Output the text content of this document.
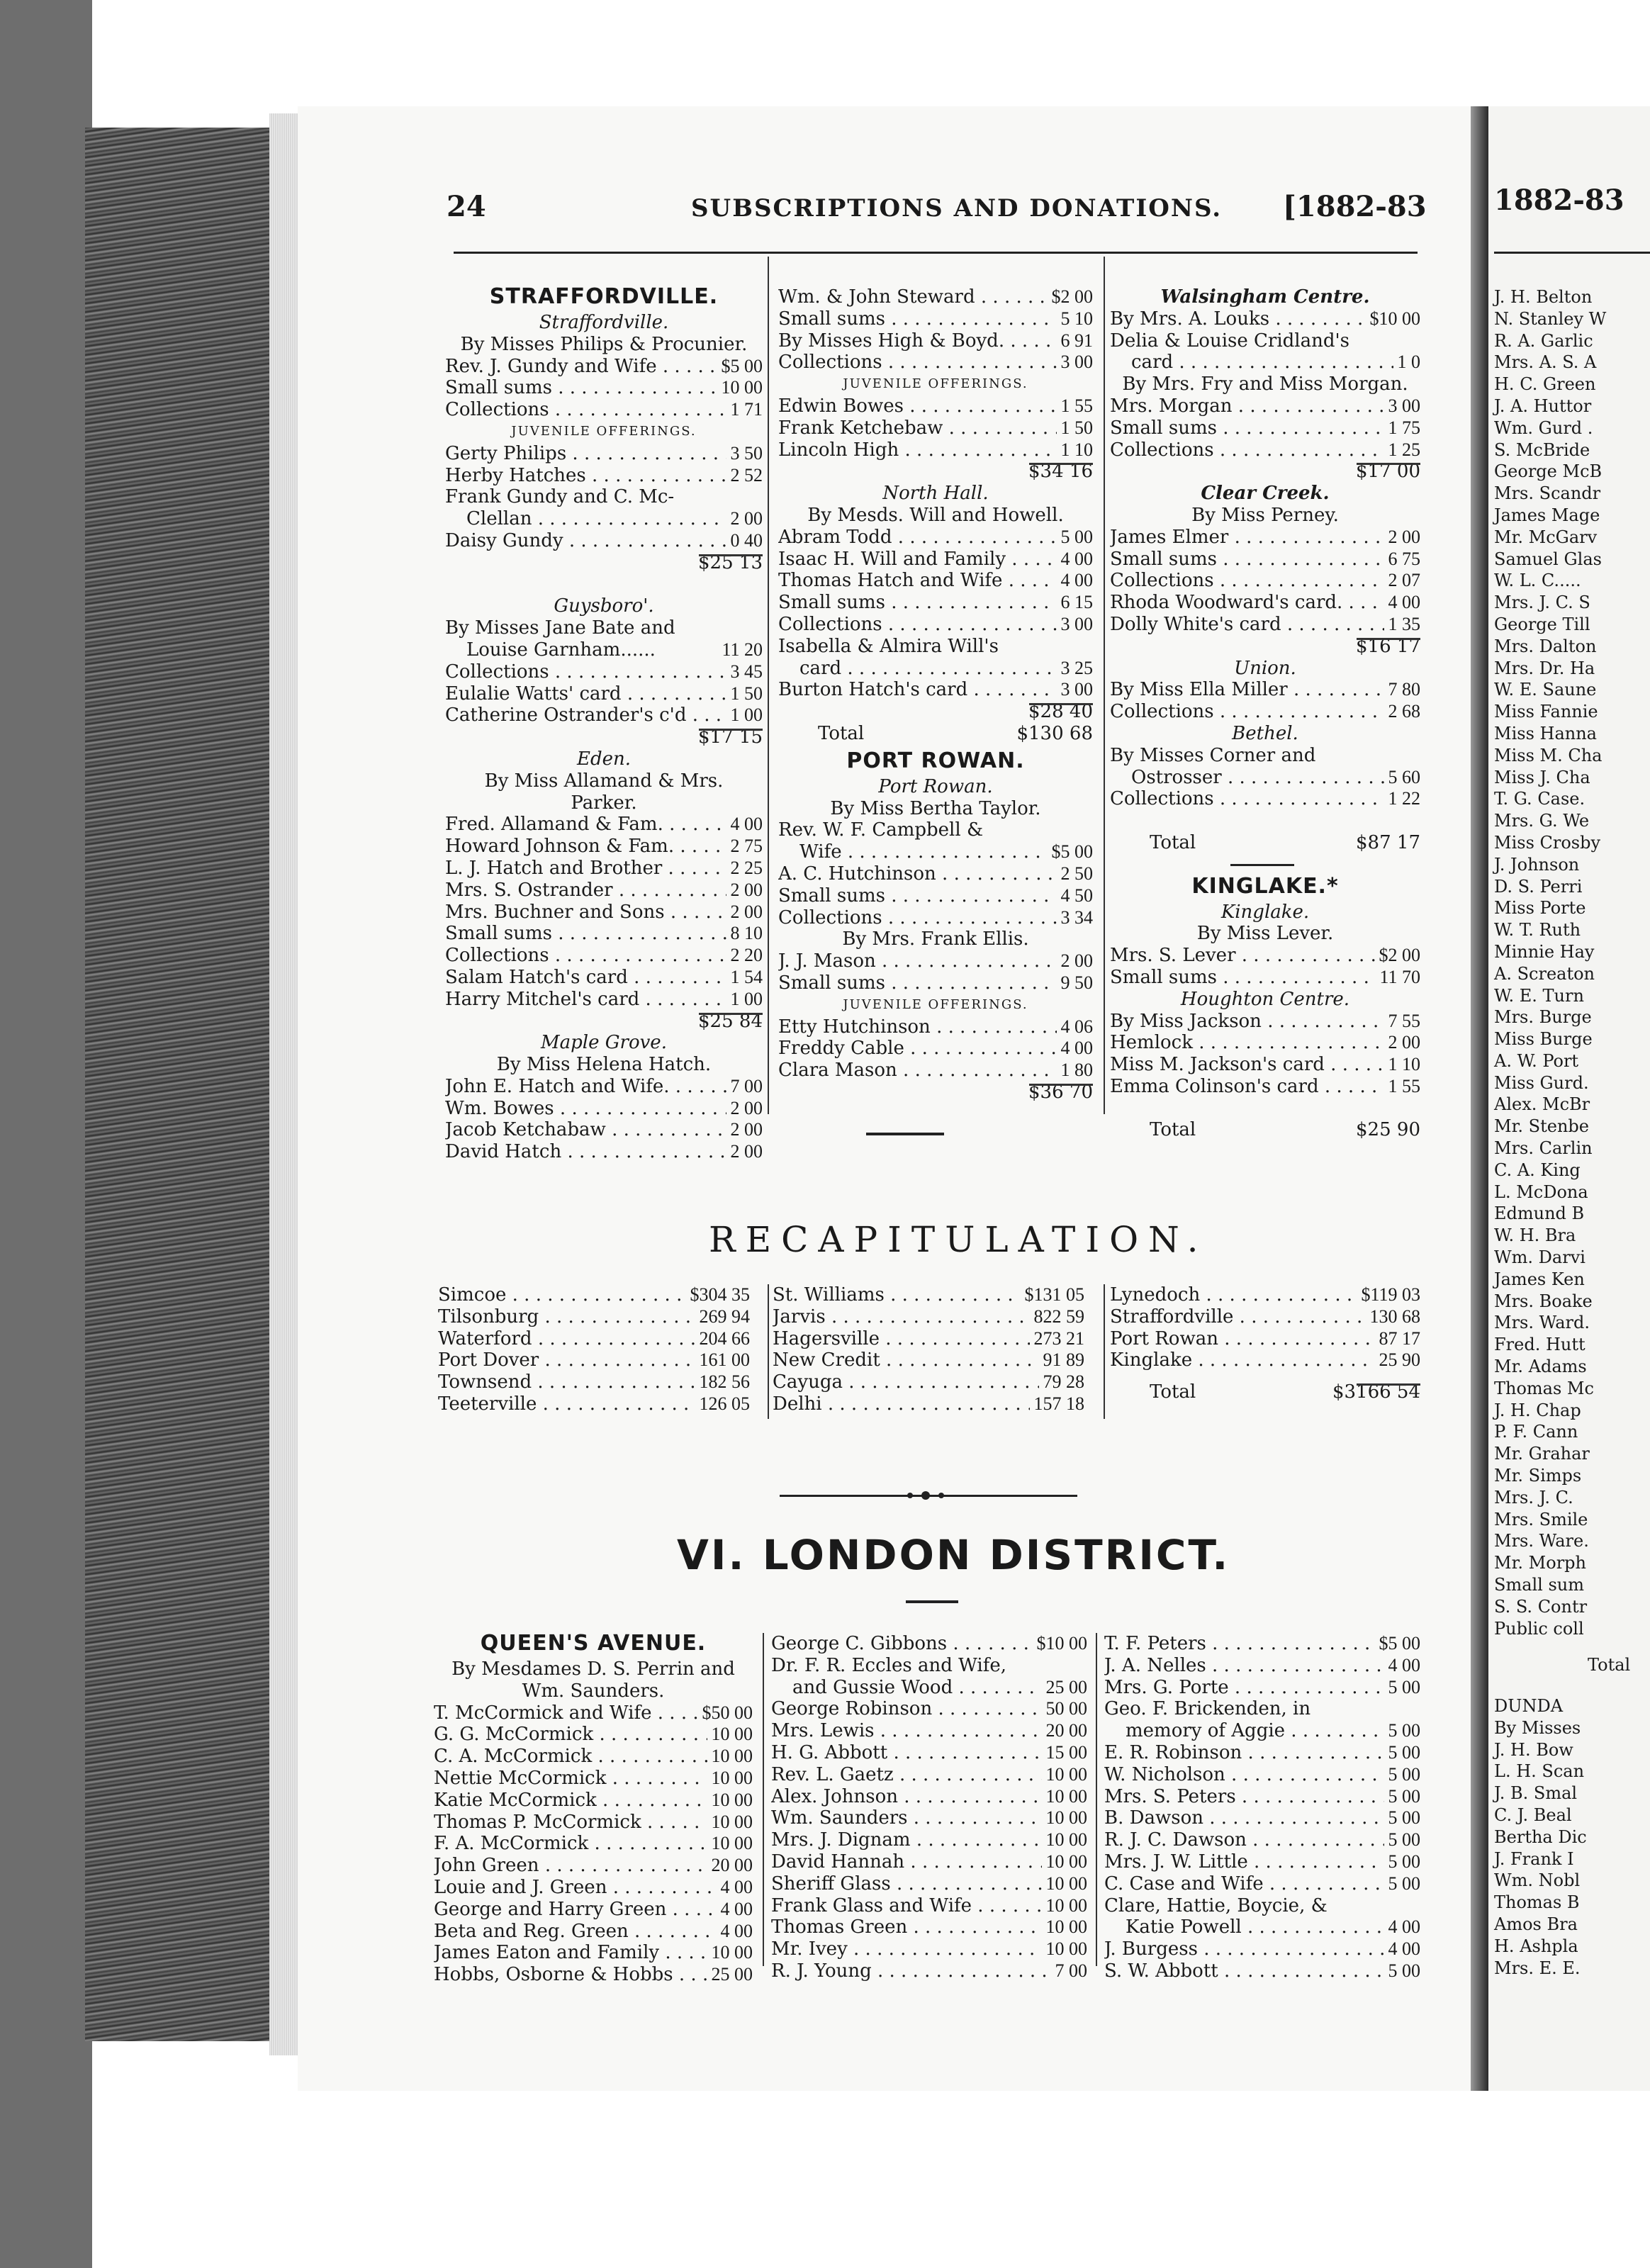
24	SUBSCRIPTIONS AND DONATIONS. [1882-83
STRAFFORDVILLE.
Straffordville.
By Misses Philips & Procunier.
Rev. J. Gundy and Wife . . .	$5 00
Small sums . . .	10 00
Collections . . .	1 71
JUVENILE OFFERINGS.
Gerty Philips . . .	3 50
Herby Hatches . . .	2 52
Frank Gundy and C. Mc-
Clellan . . .	2 00
Daisy Gundy . . .	0 40
$25 13

Guysboro'.
By Misses Jane Bate and
Louise Garnham......	11 20
Collections . . .	3 45
Eulalie Watts' card . . .	1 50
Catherine Ostrander's c'd . . .	1 00
$17 15
Eden.
By Miss Allamand & Mrs.
Parker.
Fred. Allamand & Fam. . . .	4 00
Howard Johnson & Fam. . . .	2 75
L. J. Hatch and Brother . . .	2 25
Mrs. S. Ostrander . . .	2 00
Mrs. Buchner and Sons . . .	2 00
Small sums . . .	8 10
Collections . . .	2 20
Salam Hatch's card . . .	1 54
Harry Mitchel's card . . .	1 00
$25 84
Maple Grove.
By Miss Helena Hatch.
John E. Hatch and Wife. . . .	7 00
Wm. Bowes . . .	2 00
Jacob Ketchabaw . . .	2 00
David Hatch . . .	2 00
Wm. & John Steward . . .	$2 00
Small sums . . .	5 10
By Misses High & Boyd. . . .	6 91
Collections . . .	3 00
JUVENILE OFFERINGS.
Edwin Bowes . . .	1 55
Frank Ketchebaw . . .	1 50
Lincoln High . . .	1 10
$34 16
North Hall.
By Mesds. Will and Howell.
Abram Todd . . .	5 00
Isaac H. Will and Family . . .	4 00
Thomas Hatch and Wife . . .	4 00
Small sums . . .	6 15
Collections . . .	3 00
Isabella & Almira Will's
card . . .	3 25
Burton Hatch's card . . .	3 00
$28 40
Total	$130 68
PORT ROWAN.
Port Rowan.
By Miss Bertha Taylor.
Rev. W. F. Campbell &
Wife . . .	$5 00
A. C. Hutchinson . . .	2 50
Small sums . . .	4 50
Collections . . .	3 34
By Mrs. Frank Ellis.
J. J. Mason . . .	2 00
Small sums . . .	9 50
JUVENILE OFFERINGS.
Etty Hutchinson . . .	4 06
Freddy Cable . . .	4 00
Clara Mason . . .	1 80
$36 70
Walsingham Centre.
By Mrs. A. Louks . . .	$10 00
Delia & Louise Cridland's
card . . .	1 0
By Mrs. Fry and Miss Morgan.
Mrs. Morgan . . .	3 00
Small sums . . .	1 75
Collections . . .	1 25
$17 00
Clear Creek.
By Miss Perney.
James Elmer . . .	2 00
Small sums . . .	6 75
Collections . . .	2 07
Rhoda Woodward's card. . . .	4 00
Dolly White's card . . .	1 35
$16 17
Union.
By Miss Ella Miller . . .	7 80
Collections . . .	2 68
Bethel.
By Misses Corner and
Ostrosser . . .	5 60
Collections . . .	1 22

Total	$87 17
KINGLAKE.*
Kinglake.
By Miss Lever.
Mrs. S. Lever . . .	$2 00
Small sums . . .	11 70
Houghton Centre.
By Miss Jackson . . .	7 55
Hemlock . . .	2 00
Miss M. Jackson's card . . .	1 10
Emma Colinson's card . . .	1 55

Total	$25 90
RECAPITULATION.
Simcoe . . .	$304 35
Tilsonburg . . .	269 94
Waterford . . .	204 66
Port Dover . . .	161 00
Townsend . . .	182 56
Teeterville . . .	126 05
St. Williams . . .	$131 05
Jarvis . . .	822 59
Hagersville . . .	273 21
New Credit . . .	91 89
Cayuga . . .	79 28
Delhi . . .	157 18
Lynedoch . . .	$119 03
Straffordville . . .	130 68
Port Rowan . . .	87 17
Kinglake . . .	25 90
Total	$3166 54
VI. LONDON DISTRICT.
QUEEN'S AVENUE.
By Mesdames D. S. Perrin and
Wm. Saunders.
T. McCormick and Wife . . .	$50 00
G. G. McCormick . . .	10 00
C. A. McCormick . . .	10 00
Nettie McCormick . . .	10 00
Katie McCormick . . .	10 00
Thomas P. McCormick . . .	10 00
F. A. McCormick . . .	10 00
John Green . . .	20 00
Louie and J. Green . . .	4 00
George and Harry Green . . .	4 00
Beta and Reg. Green . . .	4 00
James Eaton and Family . . .	10 00
Hobbs, Osborne & Hobbs . . .	25 00
George C. Gibbons . . .	$10 00
Dr. F. R. Eccles and Wife,
and Gussie Wood . . .	25 00
George Robinson . . .	50 00
Mrs. Lewis . . .	20 00
H. G. Abbott . . .	15 00
Rev. L. Gaetz . . .	10 00
Alex. Johnson . . .	10 00
Wm. Saunders . . .	10 00
Mrs. J. Dignam . . .	10 00
David Hannah . . .	10 00
Sheriff Glass . . .	10 00
Frank Glass and Wife . . .	10 00
Thomas Green . . .	10 00
Mr. Ivey . . .	10 00
R. J. Young . . .	7 00
T. F. Peters . . .	$5 00
J. A. Nelles . . .	4 00
Mrs. G. Porte . . .	5 00
Geo. F. Brickenden, in
memory of Aggie . . .	5 00
E. R. Robinson . . .	5 00
W. Nicholson . . .	5 00
Mrs. S. Peters . . .	5 00
B. Dawson . . .	5 00
R. J. C. Dawson . . .	5 00
Mrs. J. W. Little . . .	5 00
C. Case and Wife . . .	5 00
Clare, Hattie, Boycie, &
Katie Powell . . .	4 00
J. Burgess . . .	4 00
S. W. Abbott . . .	5 00
1882-83
J. H. Belton
N. Stanley W
R. A. Garlic
Mrs. A. S. A
H. C. Green
J. A. Huttor
Wm. Gurd .
S. McBride
George McB
Mrs. Scandr
James Mage
Mr. McGarv
Samuel Glas
W. L. C.....
Mrs. J. C. S
George Till
Mrs. Dalton
Mrs. Dr. Ha
W. E. Saune
Miss Fannie
Miss Hanna
Miss M. Cha
Miss J. Cha
T. G. Case.
Mrs. G. We
Miss Crosby
J. Johnson
D. S. Perri
Miss Porte
W. T. Ruth
Minnie Hay
A. Screaton
W. E. Turn
Mrs. Burge
Miss Burge
A. W. Port
Miss Gurd.
Alex. McBr
Mr. Stenbe
Mrs. Carlin
C. A. King
L. McDona
Edmund B
W. H. Bra
Wm. Darvi
James Ken
Mrs. Boake
Mrs. Ward.
Fred. Hutt
Mr. Adams
Thomas Mc
J. H. Chap
P. F. Cann
Mr. Grahar
Mr. Simps
Mrs. J. C.
Mrs. Smile
Mrs. Ware.
Mr. Morph
Small sum
S. S. Contr
Public coll
Total
DUNDA
By Misses
J. H. Bow
L. H. Scan
J. B. Smal
C. J. Beal
Bertha Dic
J. Frank I
Wm. Nobl
Thomas B
Amos Bra
H. Ashpla
Mrs. E. E.
